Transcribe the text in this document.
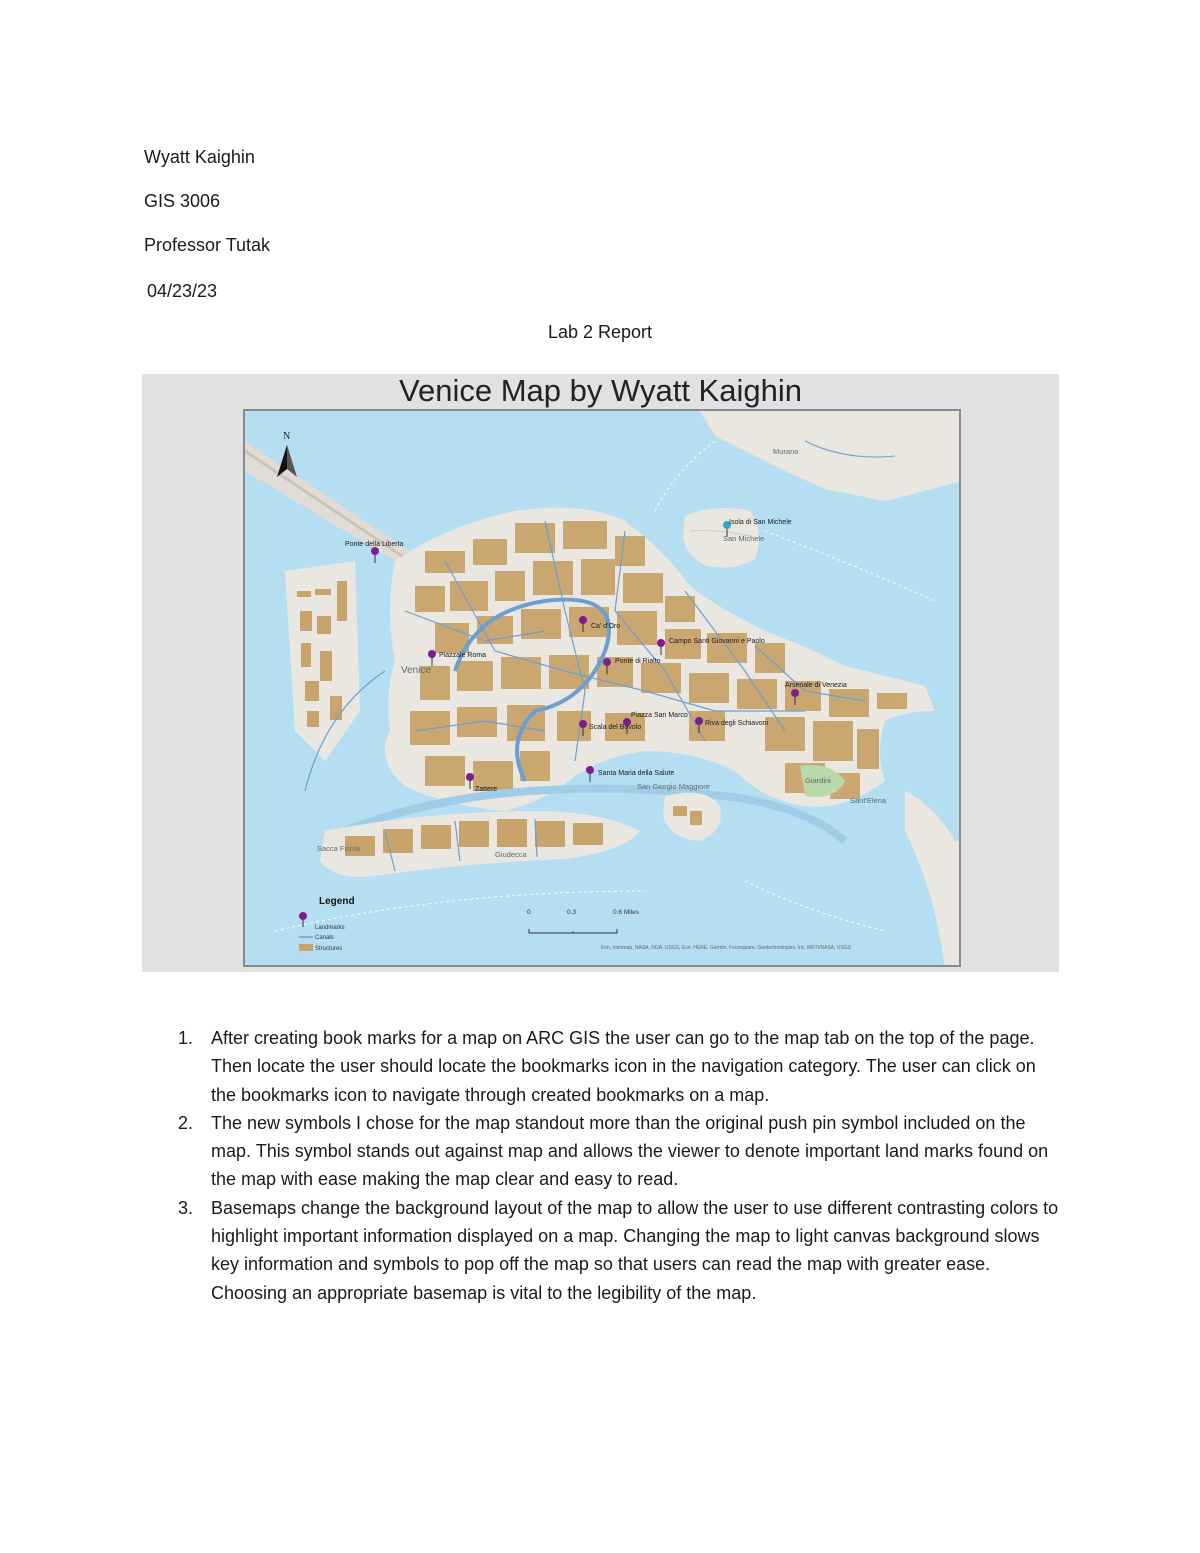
Wyatt Kaighin
GIS 3006
Professor Tutak
04/23/23
Lab 2 Report
Venice Map by Wyatt Kaighin
Murano
San Michele
Giardini
Sant'Elena
San Giorgio Maggiore
Giudecca
Sacca Fisola
Venice
N
Ponte della Liberta
Isola di San Michele
Ca' d'Oro
Campo Santi Giovanni e Paolo
Piazzale Roma
Ponte di Rialto
Arsenale di Venezia
Piazza San Marco
Scala del Bovolo
Riva degli Schiavoni
Santa Maria della Salute
Zattere
Legend
Landmarks
Canals
Structures
0	0.3	0.6 Miles
Esri, Intermap, NASA, NGA, USGS, Esri, HERE, Garmin, Foursquare, Geotechnologies, Inc, METI/NASA, USGS
1. After creating book marks for a map on ARC GIS the user can go to the map tab on the top of the page. Then locate the user should locate the bookmarks icon in the navigation category. The user can click on the bookmarks icon to navigate through created bookmarks on a map.
2. The new symbols I chose for the map standout more than the original push pin symbol included on the map. This symbol stands out against map and allows the viewer to denote important land marks found on the map with ease making the map clear and easy to read.
3. Basemaps change the background layout of the map to allow the user to use different contrasting colors to highlight important information displayed on a map. Changing the map to light canvas background slows key information and symbols to pop off the map so that users can read the map with greater ease. Choosing an appropriate basemap is vital to the legibility of the map.
